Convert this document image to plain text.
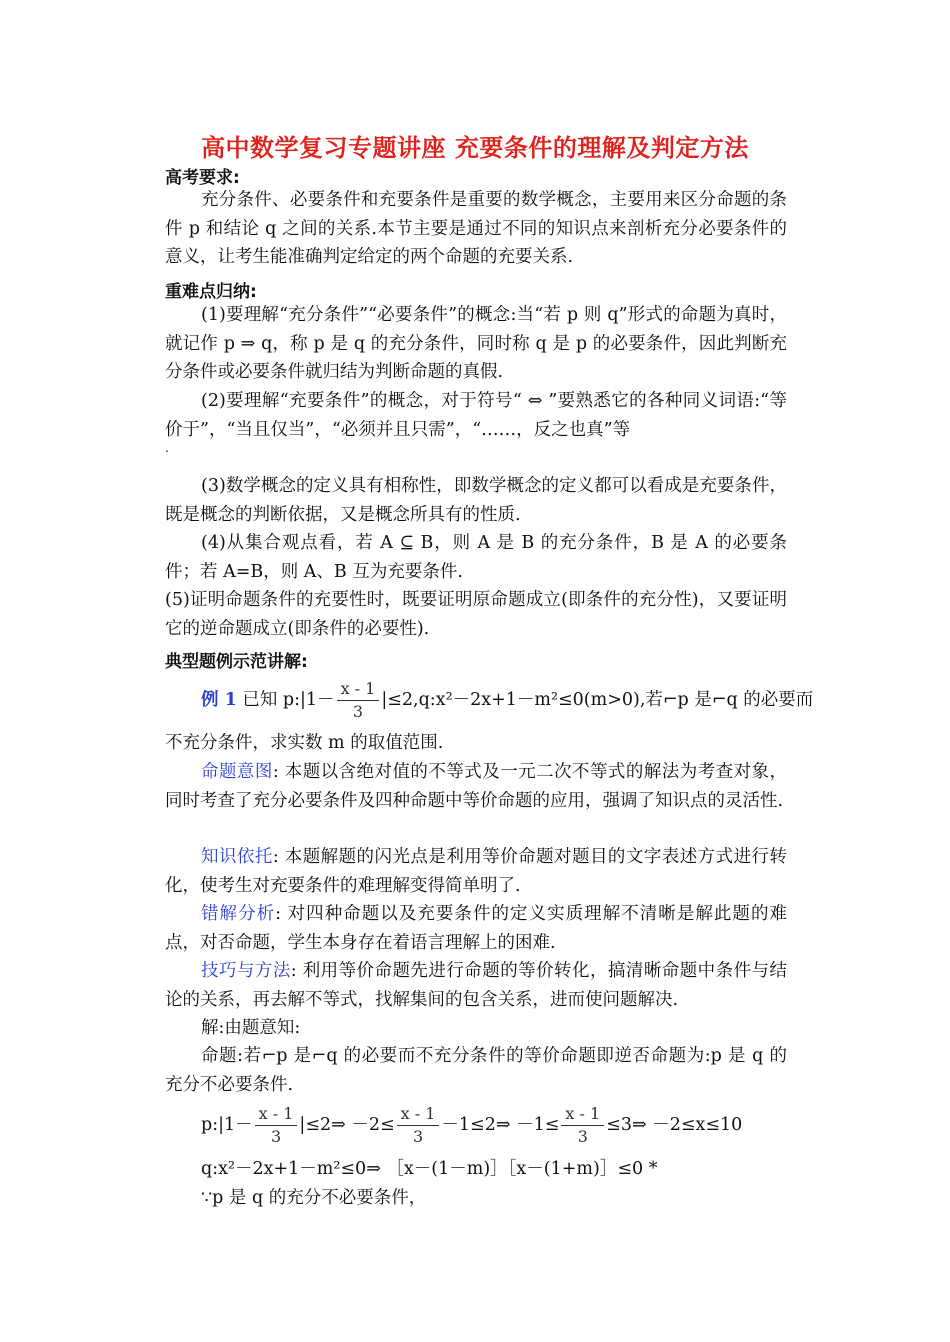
高中数学复习专题讲座 充要条件的理解及判定方法
高考要求:
充分条件、必要条件和充要条件是重要的数学概念，主要用来区分命题的条件 p 和结论 q 之间的关系.本节主要是通过不同的知识点来剖析充分必要条件的意义，让考生能准确判定给定的两个命题的充要关系.
重难点归纳:
(1)要理解“充分条件”“必要条件”的概念:当“若 p 则 q”形式的命题为真时，就记作 p ⇒ q，称 p 是 q 的充分条件，同时称 q 是 p 的必要条件，因此判断充分条件或必要条件就归结为判断命题的真假.
(2)要理解“充要条件”的概念，对于符号“ ⇔ ”要熟悉它的各种同义词语:“等价于”，“当且仅当”，“必须并且只需”，“……，反之也真”等
.
(3)数学概念的定义具有相称性，即数学概念的定义都可以看成是充要条件，既是概念的判断依据，又是概念所具有的性质.
(4)从集合观点看，若 A ⊆ B，则 A 是 B 的充分条件，B 是 A 的必要条件；若 A=B，则 A、B 互为充要条件.
(5)证明命题条件的充要性时，既要证明原命题成立(即条件的充分性)，又要证明它的逆命题成立(即条件的必要性).
典型题例示范讲解:
例 1 已知 p:|1－ $\frac{x - 1}{3}$ |≤2,q:x²－2x+1－m²≤0(m>0),若⌐p 是⌐q 的必要而
不充分条件，求实数 m 的取值范围.
命题意图: 本题以含绝对值的不等式及一元二次不等式的解法为考查对象，同时考查了充分必要条件及四种命题中等价命题的应用，强调了知识点的灵活性.
知识依托: 本题解题的闪光点是利用等价命题对题目的文字表述方式进行转化，使考生对充要条件的难理解变得简单明了.
错解分析: 对四种命题以及充要条件的定义实质理解不清晰是解此题的难点，对否命题，学生本身存在着语言理解上的困难.
技巧与方法: 利用等价命题先进行命题的等价转化，搞清晰命题中条件与结论的关系，再去解不等式，找解集间的包含关系，进而使问题解决.
解:由题意知:
命题:若⌐p 是⌐q 的必要而不充分条件的等价命题即逆否命题为:p 是 q 的充分不必要条件.
p:|1－ $\frac{x - 1}{3}$ |≤2⇒ $-2\le \frac{x - 1}{3}$ －1≤2⇒ $-1\le \frac{x - 1}{3}$ ≤3⇒ －2≤x≤10
q:x²－2x+1－m²≤0⇒ ［x－(1－m)］［x－(1+m)］≤0 *
∵p 是 q 的充分不必要条件，
